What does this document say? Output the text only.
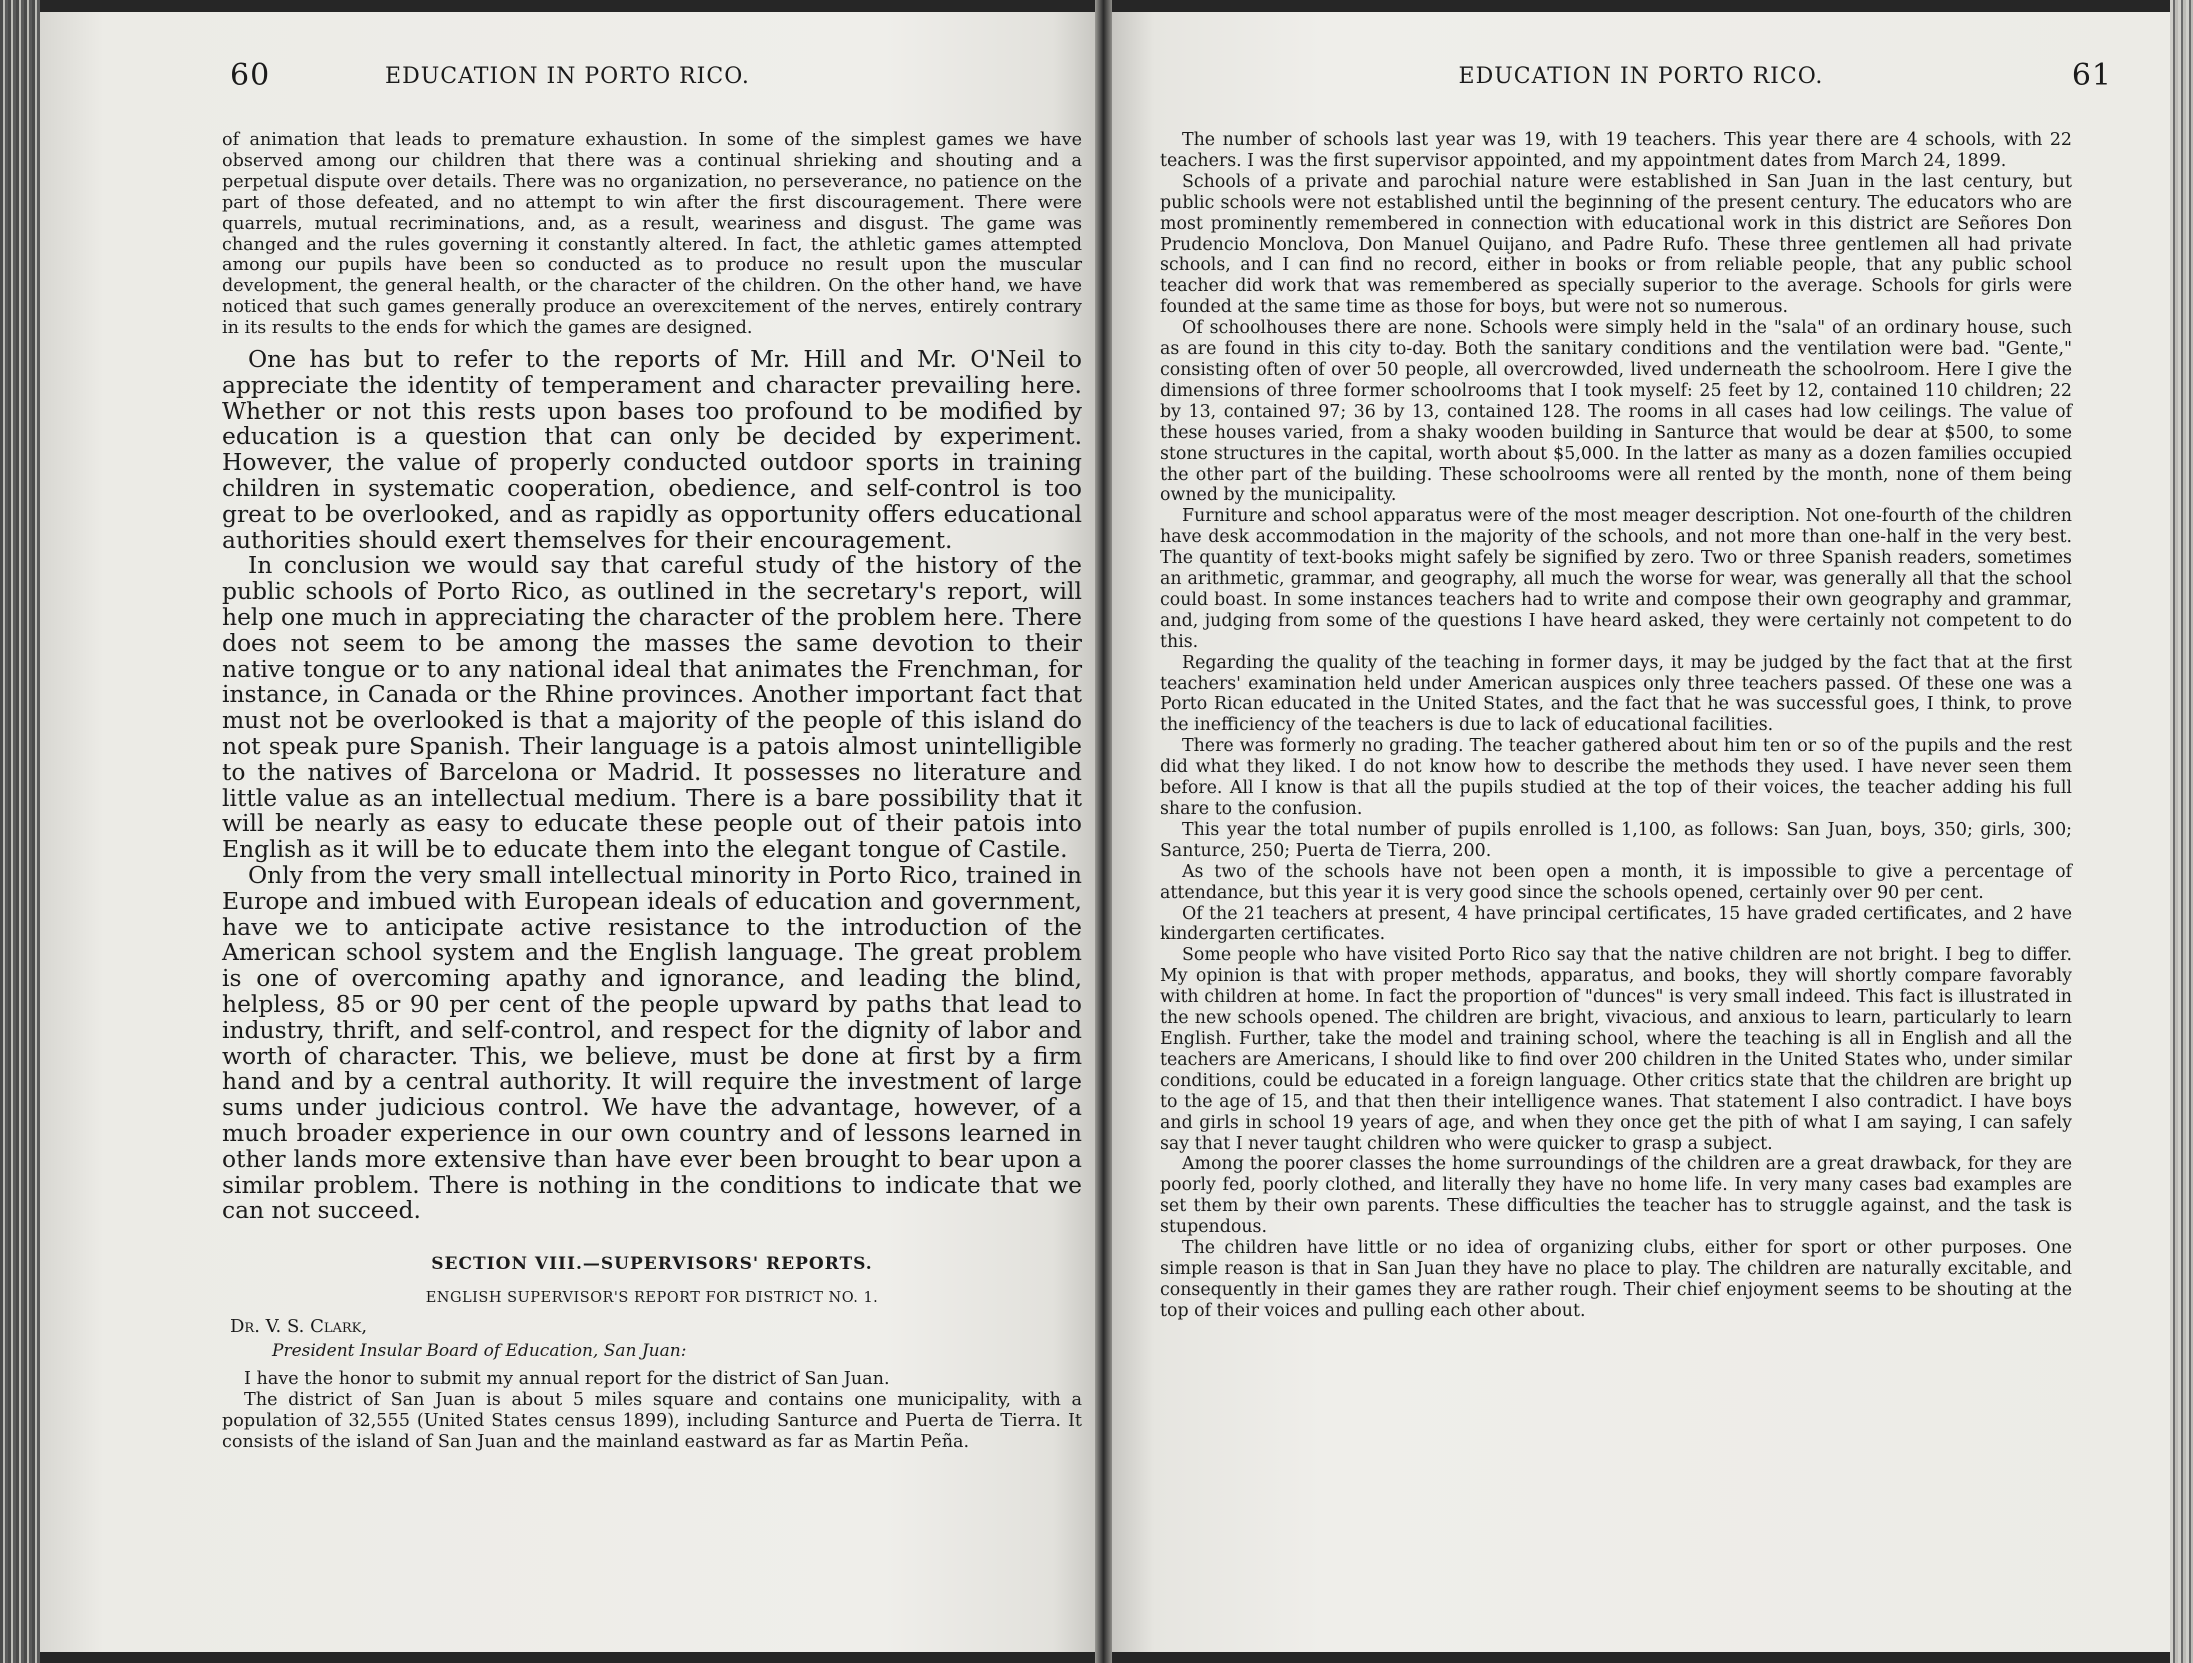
60	EDUCATION IN PORTO RICO.

of animation that leads to premature exhaustion. In some of the simplest games we have observed among our children that there was a continual shrieking and shouting and a perpetual dispute over details. There was no organization, no perseverance, no patience on the part of those defeated, and no attempt to win after the first discouragement. There were quarrels, mutual recriminations, and, as a result, weariness and disgust. The game was changed and the rules governing it constantly altered. In fact, the athletic games attempted among our pupils have been so conducted as to produce no result upon the muscular development, the general health, or the character of the children. On the other hand, we have noticed that such games generally produce an overexcitement of the nerves, entirely contrary in its results to the ends for which the games are designed.

One has but to refer to the reports of Mr. Hill and Mr. O'Neil to appreciate the identity of temperament and character prevailing here. Whether or not this rests upon bases too profound to be modified by education is a question that can only be decided by experiment. However, the value of properly conducted outdoor sports in training children in systematic cooperation, obedience, and self-control is too great to be overlooked, and as rapidly as opportunity offers educational authorities should exert themselves for their encouragement.

In conclusion we would say that careful study of the history of the public schools of Porto Rico, as outlined in the secretary's report, will help one much in appreciating the character of the problem here. There does not seem to be among the masses the same devotion to their native tongue or to any national ideal that animates the Frenchman, for instance, in Canada or the Rhine provinces. Another important fact that must not be overlooked is that a majority of the people of this island do not speak pure Spanish. Their language is a patois almost unintelligible to the natives of Barcelona or Madrid. It possesses no literature and little value as an intellectual medium. There is a bare possibility that it will be nearly as easy to educate these people out of their patois into English as it will be to educate them into the elegant tongue of Castile.

Only from the very small intellectual minority in Porto Rico, trained in Europe and imbued with European ideals of education and government, have we to anticipate active resistance to the introduction of the American school system and the English language. The great problem is one of overcoming apathy and ignorance, and leading the blind, helpless, 85 or 90 per cent of the people upward by paths that lead to industry, thrift, and self-control, and respect for the dignity of labor and worth of character. This, we believe, must be done at first by a firm hand and by a central authority. It will require the investment of large sums under judicious control. We have the advantage, however, of a much broader experience in our own country and of lessons learned in other lands more extensive than have ever been brought to bear upon a similar problem. There is nothing in the conditions to indicate that we can not succeed.

SECTION VIII.—SUPERVISORS' REPORTS.
ENGLISH SUPERVISOR'S REPORT FOR DISTRICT NO. 1.
Dr. V. S. Clark,
President Insular Board of Education, San Juan:

I have the honor to submit my annual report for the district of San Juan.

The district of San Juan is about 5 miles square and contains one municipality, with a population of 32,555 (United States census 1899), including Santurce and Puerta de Tierra. It consists of the island of San Juan and the mainland eastward as far as Martin Peña.

EDUCATION IN PORTO RICO.	61

The number of schools last year was 19, with 19 teachers. This year there are 4 schools, with 22 teachers. I was the first supervisor appointed, and my appointment dates from March 24, 1899.

Schools of a private and parochial nature were established in San Juan in the last century, but public schools were not established until the beginning of the present century. The educators who are most prominently remembered in connection with educational work in this district are Señores Don Prudencio Monclova, Don Manuel Quijano, and Padre Rufo. These three gentlemen all had private schools, and I can find no record, either in books or from reliable people, that any public school teacher did work that was remembered as specially superior to the average. Schools for girls were founded at the same time as those for boys, but were not so numerous.

Of schoolhouses there are none. Schools were simply held in the "sala" of an ordinary house, such as are found in this city to-day. Both the sanitary conditions and the ventilation were bad. "Gente," consisting often of over 50 people, all overcrowded, lived underneath the schoolroom. Here I give the dimensions of three former schoolrooms that I took myself: 25 feet by 12, contained 110 children; 22 by 13, contained 97; 36 by 13, contained 128. The rooms in all cases had low ceilings. The value of these houses varied, from a shaky wooden building in Santurce that would be dear at $500, to some stone structures in the capital, worth about $5,000. In the latter as many as a dozen families occupied the other part of the building. These schoolrooms were all rented by the month, none of them being owned by the municipality.

Furniture and school apparatus were of the most meager description. Not one-fourth of the children have desk accommodation in the majority of the schools, and not more than one-half in the very best. The quantity of text-books might safely be signified by zero. Two or three Spanish readers, sometimes an arithmetic, grammar, and geography, all much the worse for wear, was generally all that the school could boast. In some instances teachers had to write and compose their own geography and grammar, and, judging from some of the questions I have heard asked, they were certainly not competent to do this.

Regarding the quality of the teaching in former days, it may be judged by the fact that at the first teachers' examination held under American auspices only three teachers passed. Of these one was a Porto Rican educated in the United States, and the fact that he was successful goes, I think, to prove the inefficiency of the teachers is due to lack of educational facilities.

There was formerly no grading. The teacher gathered about him ten or so of the pupils and the rest did what they liked. I do not know how to describe the methods they used. I have never seen them before. All I know is that all the pupils studied at the top of their voices, the teacher adding his full share to the confusion.

This year the total number of pupils enrolled is 1,100, as follows: San Juan, boys, 350; girls, 300; Santurce, 250; Puerta de Tierra, 200.

As two of the schools have not been open a month, it is impossible to give a percentage of attendance, but this year it is very good since the schools opened, certainly over 90 per cent.

Of the 21 teachers at present, 4 have principal certificates, 15 have graded certificates, and 2 have kindergarten certificates.

Some people who have visited Porto Rico say that the native children are not bright. I beg to differ. My opinion is that with proper methods, apparatus, and books, they will shortly compare favorably with children at home. In fact the proportion of "dunces" is very small indeed. This fact is illustrated in the new schools opened. The children are bright, vivacious, and anxious to learn, particularly to learn English. Further, take the model and training school, where the teaching is all in English and all the teachers are Americans, I should like to find over 200 children in the United States who, under similar conditions, could be educated in a foreign language. Other critics state that the children are bright up to the age of 15, and that then their intelligence wanes. That statement I also contradict. I have boys and girls in school 19 years of age, and when they once get the pith of what I am saying, I can safely say that I never taught children who were quicker to grasp a subject.

Among the poorer classes the home surroundings of the children are a great drawback, for they are poorly fed, poorly clothed, and literally they have no home life. In very many cases bad examples are set them by their own parents. These difficulties the teacher has to struggle against, and the task is stupendous.

The children have little or no idea of organizing clubs, either for sport or other purposes. One simple reason is that in San Juan they have no place to play. The children are naturally excitable, and consequently in their games they are rather rough. Their chief enjoyment seems to be shouting at the top of their voices and pulling each other about.
